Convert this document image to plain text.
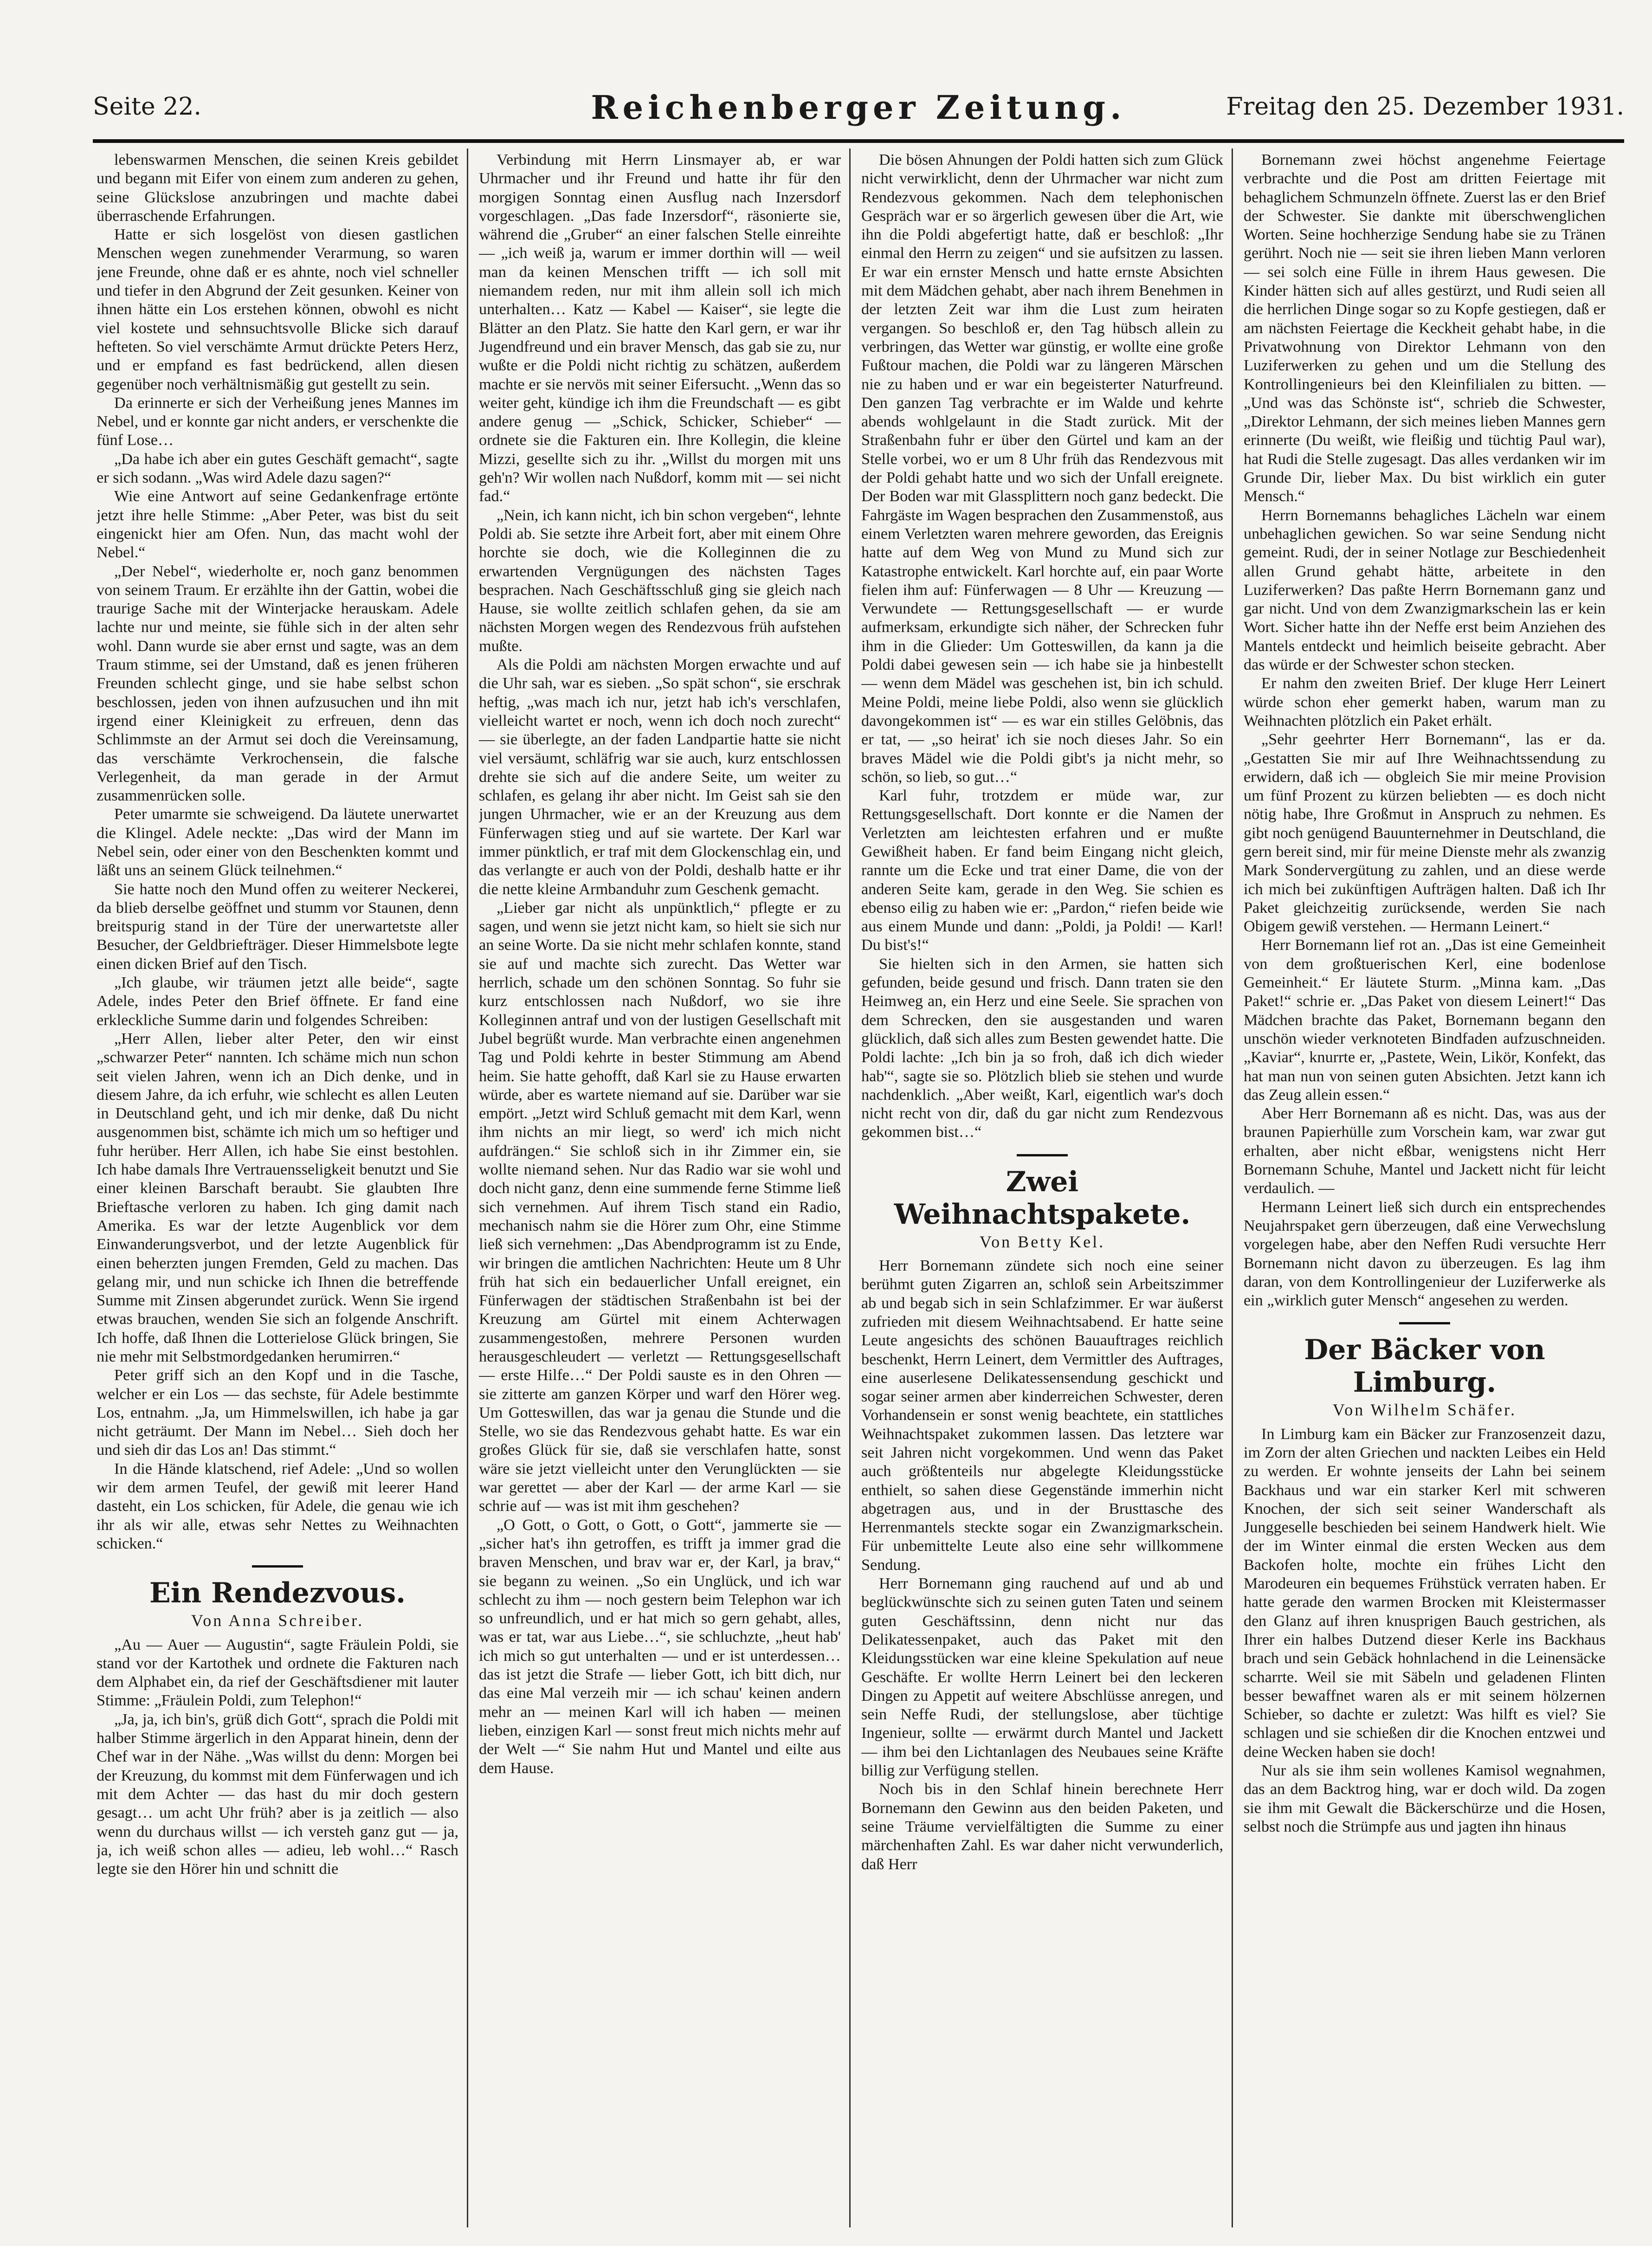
Seite 22.	Reichenberger Zeitung.	Freitag den 25. Dezember 1931.

lebenswarmen Menschen, die seinen Kreis gebildet und begann mit Eifer von einem zum anderen zu gehen, seine Glückslose anzubringen und machte dabei überraschende Erfahrungen.

Hatte er sich losgelöst von diesen gastlichen Menschen wegen zunehmender Verarmung, so waren jene Freunde, ohne daß er es ahnte, noch viel schneller und tiefer in den Abgrund der Zeit gesunken. Keiner von ihnen hätte ein Los erstehen können, obwohl es nicht viel kostete und sehnsuchtsvolle Blicke sich darauf hefteten. So viel verschämte Armut drückte Peters Herz, und er empfand es fast bedrückend, allen diesen gegenüber noch verhältnismäßig gut gestellt zu sein.

Da erinnerte er sich der Verheißung jenes Mannes im Nebel, und er konnte gar nicht anders, er verschenkte die fünf Lose…

„Da habe ich aber ein gutes Geschäft gemacht“, sagte er sich sodann. „Was wird Adele dazu sagen?“

Wie eine Antwort auf seine Gedankenfrage ertönte jetzt ihre helle Stimme: „Aber Peter, was bist du seit eingenickt hier am Ofen. Nun, das macht wohl der Nebel.“

„Der Nebel“, wiederholte er, noch ganz benommen von seinem Traum. Er erzählte ihn der Gattin, wobei die traurige Sache mit der Winterjacke herauskam. Adele lachte nur und meinte, sie fühle sich in der alten sehr wohl. Dann wurde sie aber ernst und sagte, was an dem Traum stimme, sei der Umstand, daß es jenen früheren Freunden schlecht ginge, und sie habe selbst schon beschlossen, jeden von ihnen aufzusuchen und ihn mit irgend einer Kleinigkeit zu erfreuen, denn das Schlimmste an der Armut sei doch die Vereinsamung, das verschämte Verkrochensein, die falsche Verlegenheit, da man gerade in der Armut zusammenrücken solle.

Peter umarmte sie schweigend. Da läutete unerwartet die Klingel. Adele neckte: „Das wird der Mann im Nebel sein, oder einer von den Beschenkten kommt und läßt uns an seinem Glück teilnehmen.“

Sie hatte noch den Mund offen zu weiterer Neckerei, da blieb derselbe geöffnet und stumm vor Staunen, denn breitspurig stand in der Türe der unerwartetste aller Besucher, der Geldbriefträger. Dieser Himmelsbote legte einen dicken Brief auf den Tisch.

„Ich glaube, wir träumen jetzt alle beide“, sagte Adele, indes Peter den Brief öffnete. Er fand eine erkleckliche Summe darin und folgendes Schreiben:

„Herr Allen, lieber alter Peter, den wir einst „schwarzer Peter“ nannten. Ich schäme mich nun schon seit vielen Jahren, wenn ich an Dich denke, und in diesem Jahre, da ich erfuhr, wie schlecht es allen Leuten in Deutschland geht, und ich mir denke, daß Du nicht ausgenommen bist, schämte ich mich um so heftiger und fuhr herüber. Herr Allen, ich habe Sie einst bestohlen. Ich habe damals Ihre Vertrauensseligkeit benutzt und Sie einer kleinen Barschaft beraubt. Sie glaubten Ihre Brieftasche verloren zu haben. Ich ging damit nach Amerika. Es war der letzte Augenblick vor dem Einwanderungsverbot, und der letzte Augenblick für einen beherzten jungen Fremden, Geld zu machen. Das gelang mir, und nun schicke ich Ihnen die betreffende Summe mit Zinsen abgerundet zurück. Wenn Sie irgend etwas brauchen, wenden Sie sich an folgende Anschrift. Ich hoffe, daß Ihnen die Lotterielose Glück bringen, Sie nie mehr mit Selbstmordgedanken herumirren.“

Peter griff sich an den Kopf und in die Tasche, welcher er ein Los — das sechste, für Adele bestimmte Los, entnahm. „Ja, um Himmelswillen, ich habe ja gar nicht geträumt. Der Mann im Nebel… Sieh doch her und sieh dir das Los an! Das stimmt.“

In die Hände klatschend, rief Adele: „Und so wollen wir dem armen Teufel, der gewiß mit leerer Hand dasteht, ein Los schicken, für Adele, die genau wie ich ihr als wir alle, etwas sehr Nettes zu Weihnachten schicken.“

Ein Rendezvous.
Von Anna Schreiber.

„Au — Auer — Augustin“, sagte Fräulein Poldi, sie stand vor der Kartothek und ordnete die Fakturen nach dem Alphabet ein, da rief der Geschäftsdiener mit lauter Stimme: „Fräulein Poldi, zum Telephon!“

„Ja, ja, ich bin's, grüß dich Gott“, sprach die Poldi mit halber Stimme ärgerlich in den Apparat hinein, denn der Chef war in der Nähe. „Was willst du denn: Morgen bei der Kreuzung, du kommst mit dem Fünferwagen und ich mit dem Achter — das hast du mir doch gestern gesagt… um acht Uhr früh? aber is ja zeitlich — also wenn du durchaus willst — ich versteh ganz gut — ja, ja, ich weiß schon alles — adieu, leb wohl…“ Rasch legte sie den Hörer hin und schnitt die

Verbindung mit Herrn Linsmayer ab, er war Uhrmacher und ihr Freund und hatte ihr für den morgigen Sonntag einen Ausflug nach Inzersdorf vorgeschlagen. „Das fade Inzersdorf“, räsonierte sie, während die „Gruber“ an einer falschen Stelle einreihte — „ich weiß ja, warum er immer dorthin will — weil man da keinen Menschen trifft — ich soll mit niemandem reden, nur mit ihm allein soll ich mich unterhalten… Katz — Kabel — Kaiser“, sie legte die Blätter an den Platz. Sie hatte den Karl gern, er war ihr Jugendfreund und ein braver Mensch, das gab sie zu, nur wußte er die Poldi nicht richtig zu schätzen, außerdem machte er sie nervös mit seiner Eifersucht. „Wenn das so weiter geht, kündige ich ihm die Freundschaft — es gibt andere genug — „Schick, Schicker, Schieber“ — ordnete sie die Fakturen ein. Ihre Kollegin, die kleine Mizzi, gesellte sich zu ihr. „Willst du morgen mit uns geh'n? Wir wollen nach Nußdorf, komm mit — sei nicht fad.“

„Nein, ich kann nicht, ich bin schon vergeben“, lehnte Poldi ab. Sie setzte ihre Arbeit fort, aber mit einem Ohre horchte sie doch, wie die Kolleginnen die zu erwartenden Vergnügungen des nächsten Tages besprachen. Nach Geschäftsschluß ging sie gleich nach Hause, sie wollte zeitlich schlafen gehen, da sie am nächsten Morgen wegen des Rendezvous früh aufstehen mußte.

Als die Poldi am nächsten Morgen erwachte und auf die Uhr sah, war es sieben. „So spät schon“, sie erschrak heftig, „was mach ich nur, jetzt hab ich's verschlafen, vielleicht wartet er noch, wenn ich doch noch zurecht“ — sie überlegte, an der faden Landpartie hatte sie nicht viel versäumt, schläfrig war sie auch, kurz entschlossen drehte sie sich auf die andere Seite, um weiter zu schlafen, es gelang ihr aber nicht. Im Geist sah sie den jungen Uhrmacher, wie er an der Kreuzung aus dem Fünferwagen stieg und auf sie wartete. Der Karl war immer pünktlich, er traf mit dem Glockenschlag ein, und das verlangte er auch von der Poldi, deshalb hatte er ihr die nette kleine Armbanduhr zum Geschenk gemacht.

„Lieber gar nicht als unpünktlich,“ pflegte er zu sagen, und wenn sie jetzt nicht kam, so hielt sie sich nur an seine Worte. Da sie nicht mehr schlafen konnte, stand sie auf und machte sich zurecht. Das Wetter war herrlich, schade um den schönen Sonntag. So fuhr sie kurz entschlossen nach Nußdorf, wo sie ihre Kolleginnen antraf und von der lustigen Gesellschaft mit Jubel begrüßt wurde. Man verbrachte einen angenehmen Tag und Poldi kehrte in bester Stimmung am Abend heim. Sie hatte gehofft, daß Karl sie zu Hause erwarten würde, aber es wartete niemand auf sie. Darüber war sie empört. „Jetzt wird Schluß gemacht mit dem Karl, wenn ihm nichts an mir liegt, so werd' ich mich nicht aufdrängen.“ Sie schloß sich in ihr Zimmer ein, sie wollte niemand sehen. Nur das Radio war sie wohl und doch nicht ganz, denn eine summende ferne Stimme ließ sich vernehmen. Auf ihrem Tisch stand ein Radio, mechanisch nahm sie die Hörer zum Ohr, eine Stimme ließ sich vernehmen: „Das Abendprogramm ist zu Ende, wir bringen die amtlichen Nachrichten: Heute um 8 Uhr früh hat sich ein bedauerlicher Unfall ereignet, ein Fünferwagen der städtischen Straßenbahn ist bei der Kreuzung am Gürtel mit einem Achterwagen zusammengestoßen, mehrere Personen wurden herausgeschleudert — verletzt — Rettungsgesellschaft — erste Hilfe…“ Der Poldi sauste es in den Ohren — sie zitterte am ganzen Körper und warf den Hörer weg. Um Gotteswillen, das war ja genau die Stunde und die Stelle, wo sie das Rendezvous gehabt hatte. Es war ein großes Glück für sie, daß sie verschlafen hatte, sonst wäre sie jetzt vielleicht unter den Verunglückten — sie war gerettet — aber der Karl — der arme Karl — sie schrie auf — was ist mit ihm geschehen?

„O Gott, o Gott, o Gott, o Gott“, jammerte sie — „sicher hat's ihn getroffen, es trifft ja immer grad die braven Menschen, und brav war er, der Karl, ja brav,“ sie begann zu weinen. „So ein Unglück, und ich war schlecht zu ihm — noch gestern beim Telephon war ich so unfreundlich, und er hat mich so gern gehabt, alles, was er tat, war aus Liebe…“, sie schluchzte, „heut hab' ich mich so gut unterhalten — und er ist unterdessen… das ist jetzt die Strafe — lieber Gott, ich bitt dich, nur das eine Mal verzeih mir — ich schau' keinen andern mehr an — meinen Karl will ich haben — meinen lieben, einzigen Karl — sonst freut mich nichts mehr auf der Welt —“ Sie nahm Hut und Mantel und eilte aus dem Hause.

Die bösen Ahnungen der Poldi hatten sich zum Glück nicht verwirklicht, denn der Uhrmacher war nicht zum Rendezvous gekommen. Nach dem telephonischen Gespräch war er so ärgerlich gewesen über die Art, wie ihn die Poldi abgefertigt hatte, daß er beschloß: „Ihr einmal den Herrn zu zeigen“ und sie aufsitzen zu lassen. Er war ein ernster Mensch und hatte ernste Absichten mit dem Mädchen gehabt, aber nach ihrem Benehmen in der letzten Zeit war ihm die Lust zum heiraten vergangen. So beschloß er, den Tag hübsch allein zu verbringen, das Wetter war günstig, er wollte eine große Fußtour machen, die Poldi war zu längeren Märschen nie zu haben und er war ein begeisterter Naturfreund. Den ganzen Tag verbrachte er im Walde und kehrte abends wohlgelaunt in die Stadt zurück. Mit der Straßenbahn fuhr er über den Gürtel und kam an der Stelle vorbei, wo er um 8 Uhr früh das Rendezvous mit der Poldi gehabt hatte und wo sich der Unfall ereignete. Der Boden war mit Glassplittern noch ganz bedeckt. Die Fahrgäste im Wagen besprachen den Zusammenstoß, aus einem Verletzten waren mehrere geworden, das Ereignis hatte auf dem Weg von Mund zu Mund sich zur Katastrophe entwickelt. Karl horchte auf, ein paar Worte fielen ihm auf: Fünferwagen — 8 Uhr — Kreuzung — Verwundete — Rettungsgesellschaft — er wurde aufmerksam, erkundigte sich näher, der Schrecken fuhr ihm in die Glieder: Um Gotteswillen, da kann ja die Poldi dabei gewesen sein — ich habe sie ja hinbestellt — wenn dem Mädel was geschehen ist, bin ich schuld. Meine Poldi, meine liebe Poldi, also wenn sie glücklich davongekommen ist“ — es war ein stilles Gelöbnis, das er tat, — „so heirat' ich sie noch dieses Jahr. So ein braves Mädel wie die Poldi gibt's ja nicht mehr, so schön, so lieb, so gut…“

Karl fuhr, trotzdem er müde war, zur Rettungsgesellschaft. Dort konnte er die Namen der Verletzten am leichtesten erfahren und er mußte Gewißheit haben. Er fand beim Eingang nicht gleich, rannte um die Ecke und trat einer Dame, die von der anderen Seite kam, gerade in den Weg. Sie schien es ebenso eilig zu haben wie er: „Pardon,“ riefen beide wie aus einem Munde und dann: „Poldi, ja Poldi! — Karl! Du bist's!“

Sie hielten sich in den Armen, sie hatten sich gefunden, beide gesund und frisch. Dann traten sie den Heimweg an, ein Herz und eine Seele. Sie sprachen von dem Schrecken, den sie ausgestanden und waren glücklich, daß sich alles zum Besten gewendet hatte. Die Poldi lachte: „Ich bin ja so froh, daß ich dich wieder hab'“, sagte sie so. Plötzlich blieb sie stehen und wurde nachdenklich. „Aber weißt, Karl, eigentlich war's doch nicht recht von dir, daß du gar nicht zum Rendezvous gekommen bist…“

Zwei Weihnachtspakete.
Von Betty Kel.

Herr Bornemann zündete sich noch eine seiner berühmt guten Zigarren an, schloß sein Arbeitszimmer ab und begab sich in sein Schlafzimmer. Er war äußerst zufrieden mit diesem Weihnachtsabend. Er hatte seine Leute angesichts des schönen Bauauftrages reichlich beschenkt, Herrn Leinert, dem Vermittler des Auftrages, eine auserlesene Delikatessensendung geschickt und sogar seiner armen aber kinderreichen Schwester, deren Vorhandensein er sonst wenig beachtete, ein stattliches Weihnachtspaket zukommen lassen. Das letztere war seit Jahren nicht vorgekommen. Und wenn das Paket auch größtenteils nur abgelegte Kleidungsstücke enthielt, so sahen diese Gegenstände immerhin nicht abgetragen aus, und in der Brusttasche des Herrenmantels steckte sogar ein Zwanzigmarkschein. Für unbemittelte Leute also eine sehr willkommene Sendung.

Herr Bornemann ging rauchend auf und ab und beglückwünschte sich zu seinen guten Taten und seinem guten Geschäftssinn, denn nicht nur das Delikatessenpaket, auch das Paket mit den Kleidungsstücken war eine kleine Spekulation auf neue Geschäfte. Er wollte Herrn Leinert bei den leckeren Dingen zu Appetit auf weitere Abschlüsse anregen, und sein Neffe Rudi, der stellungslose, aber tüchtige Ingenieur, sollte — erwärmt durch Mantel und Jackett — ihm bei den Lichtanlagen des Neubaues seine Kräfte billig zur Verfügung stellen.

Noch bis in den Schlaf hinein berechnete Herr Bornemann den Gewinn aus den beiden Paketen, und seine Träume vervielfältigten die Summe zu einer märchenhaften Zahl. Es war daher nicht verwunderlich, daß Herr

Bornemann zwei höchst angenehme Feiertage verbrachte und die Post am dritten Feiertage mit behaglichem Schmunzeln öffnete. Zuerst las er den Brief der Schwester. Sie dankte mit überschwenglichen Worten. Seine hochherzige Sendung habe sie zu Tränen gerührt. Noch nie — seit sie ihren lieben Mann verloren — sei solch eine Fülle in ihrem Haus gewesen. Die Kinder hätten sich auf alles gestürzt, und Rudi seien all die herrlichen Dinge sogar so zu Kopfe gestiegen, daß er am nächsten Feiertage die Keckheit gehabt habe, in die Privatwohnung von Direktor Lehmann von den Luziferwerken zu gehen und um die Stellung des Kontrollingenieurs bei den Kleinfilialen zu bitten. — „Und was das Schönste ist“, schrieb die Schwester, „Direktor Lehmann, der sich meines lieben Mannes gern erinnerte (Du weißt, wie fleißig und tüchtig Paul war), hat Rudi die Stelle zugesagt. Das alles verdanken wir im Grunde Dir, lieber Max. Du bist wirklich ein guter Mensch.“

Herrn Bornemanns behagliches Lächeln war einem unbehaglichen gewichen. So war seine Sendung nicht gemeint. Rudi, der in seiner Notlage zur Beschiedenheit allen Grund gehabt hätte, arbeitete in den Luziferwerken? Das paßte Herrn Bornemann ganz und gar nicht. Und von dem Zwanzigmarkschein las er kein Wort. Sicher hatte ihn der Neffe erst beim Anziehen des Mantels entdeckt und heimlich beiseite gebracht. Aber das würde er der Schwester schon stecken.

Er nahm den zweiten Brief. Der kluge Herr Leinert würde schon eher gemerkt haben, warum man zu Weihnachten plötzlich ein Paket erhält.

„Sehr geehrter Herr Bornemann“, las er da. „Gestatten Sie mir auf Ihre Weihnachtssendung zu erwidern, daß ich — obgleich Sie mir meine Provision um fünf Prozent zu kürzen beliebten — es doch nicht nötig habe, Ihre Großmut in Anspruch zu nehmen. Es gibt noch genügend Bauunternehmer in Deutschland, die gern bereit sind, mir für meine Dienste mehr als zwanzig Mark Sondervergütung zu zahlen, und an diese werde ich mich bei zukünftigen Aufträgen halten. Daß ich Ihr Paket gleichzeitig zurücksende, werden Sie nach Obigem gewiß verstehen. — Hermann Leinert.“

Herr Bornemann lief rot an. „Das ist eine Gemeinheit von dem großtuerischen Kerl, eine bodenlose Gemeinheit.“ Er läutete Sturm. „Minna kam. „Das Paket!“ schrie er. „Das Paket von diesem Leinert!“ Das Mädchen brachte das Paket, Bornemann begann den unschön wieder verknoteten Bindfaden aufzuschneiden. „Kaviar“, knurrte er, „Pastete, Wein, Likör, Konfekt, das hat man nun von seinen guten Absichten. Jetzt kann ich das Zeug allein essen.“

Aber Herr Bornemann aß es nicht. Das, was aus der braunen Papierhülle zum Vorschein kam, war zwar gut erhalten, aber nicht eßbar, wenigstens nicht Herr Bornemann Schuhe, Mantel und Jackett nicht für leicht verdaulich. —

Hermann Leinert ließ sich durch ein entsprechendes Neujahrspaket gern überzeugen, daß eine Verwechslung vorgelegen habe, aber den Neffen Rudi versuchte Herr Bornemann nicht davon zu überzeugen. Es lag ihm daran, von dem Kontrollingenieur der Luziferwerke als ein „wirklich guter Mensch“ angesehen zu werden.

Der Bäcker von Limburg.
Von Wilhelm Schäfer.

In Limburg kam ein Bäcker zur Franzosenzeit dazu, im Zorn der alten Griechen und nackten Leibes ein Held zu werden. Er wohnte jenseits der Lahn bei seinem Backhaus und war ein starker Kerl mit schweren Knochen, der sich seit seiner Wanderschaft als Junggeselle beschieden bei seinem Handwerk hielt. Wie der im Winter einmal die ersten Wecken aus dem Backofen holte, mochte ein frühes Licht den Marodeuren ein bequemes Frühstück verraten haben. Er hatte gerade den warmen Brocken mit Kleistermasser den Glanz auf ihren knusprigen Bauch gestrichen, als Ihrer ein halbes Dutzend dieser Kerle ins Backhaus brach und sein Gebäck hohnlachend in die Leinensäcke scharrte. Weil sie mit Säbeln und geladenen Flinten besser bewaffnet waren als er mit seinem hölzernen Schieber, so dachte er zuletzt: Was hilft es viel? Sie schlagen und sie schießen dir die Knochen entzwei und deine Wecken haben sie doch!

Nur als sie ihm sein wollenes Kamisol wegnahmen, das an dem Backtrog hing, war er doch wild. Da zogen sie ihm mit Gewalt die Bäckerschürze und die Hosen, selbst noch die Strümpfe aus und jagten ihn hinaus
